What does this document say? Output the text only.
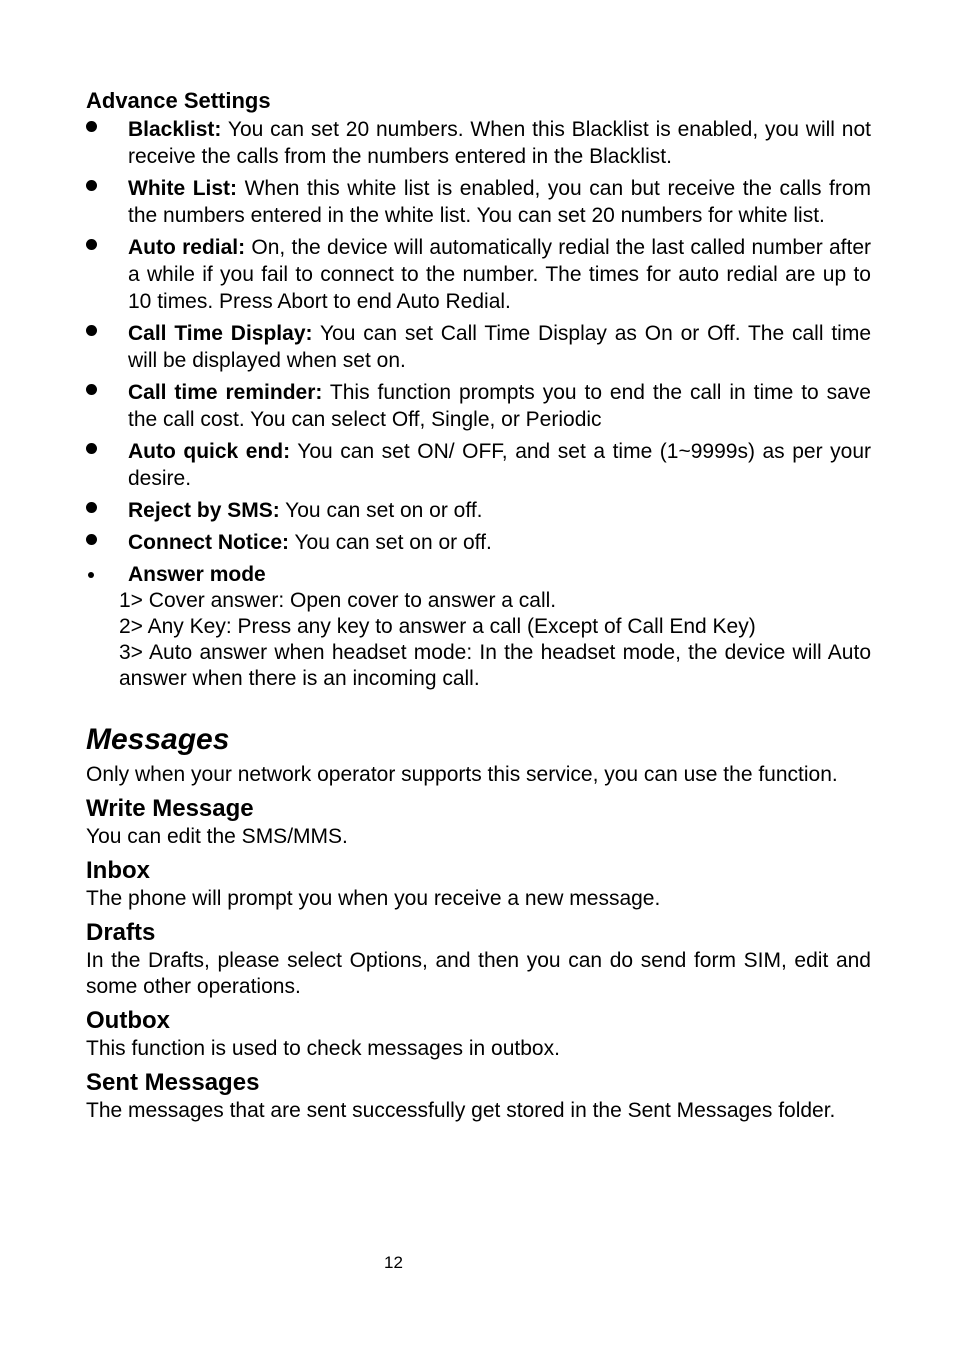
Advance Settings
Blacklist: You can set 20 numbers. When this Blacklist is enabled, you will not receive the calls from the numbers entered in the Blacklist.
White List: When this white list is enabled, you can but receive the calls from the numbers entered in the white list. You can set 20 numbers for white list.
Auto redial: On, the device will automatically redial the last called number after a while if you fail to connect to the number. The times for auto redial are up to 10 times. Press Abort to end Auto Redial.
Call Time Display: You can set Call Time Display as On or Off. The call time will be displayed when set on.
Call time reminder: This function prompts you to end the call in time to save the call cost. You can select Off, Single, or Periodic
Auto quick end: You can set ON/ OFF, and set a time (1~9999s) as per your desire.
Reject by SMS: You can set on or off.
Connect Notice: You can set on or off.
Answer mode
1> Cover answer: Open cover to answer a call.
2> Any Key: Press any key to answer a call (Except of Call End Key)
3> Auto answer when headset mode: In the headset mode, the device will Auto answer when there is an incoming call.
Messages

Only when your network operator supports this service, you can use the function.

Write Message

You can edit the SMS/MMS.

Inbox

The phone will prompt you when you receive a new message.

Drafts

In the Drafts, please select Options, and then you can do send form SIM, edit and some other operations.

Outbox

This function is used to check messages in outbox.

Sent Messages

The messages that are sent successfully get stored in the Sent Messages folder.

12
